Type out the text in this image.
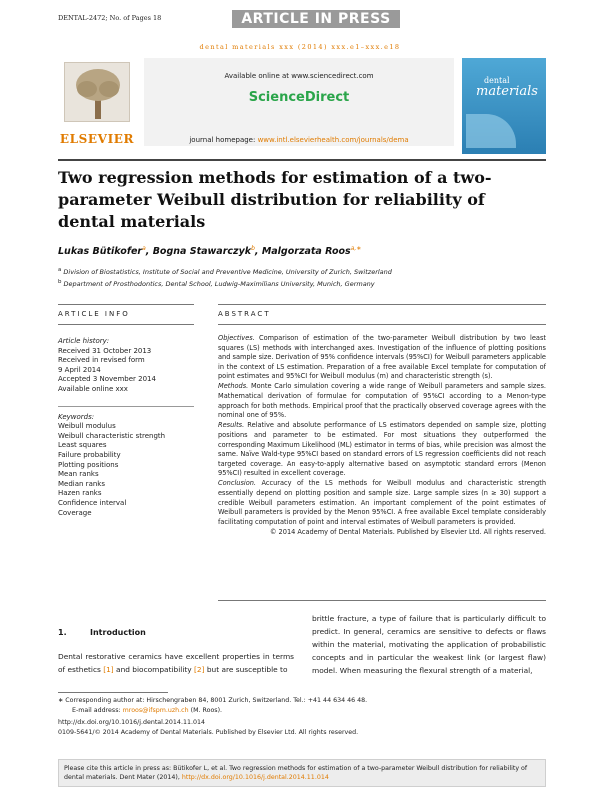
DENTAL-2472; No. of Pages 18	ARTICLE IN PRESS
dental materials xxx (2014) xxx.e1–xxx.e18
ELSEVIER
Available online at www.sciencedirect.com
ScienceDirect
journal homepage: www.intl.elsevierhealth.com/journals/dema
dental
materials
Two regression methods for estimation of a two-parameter Weibull distribution for reliability of dental materials
Lukas Bütikofer$^a$, Bogna Stawarczyk$^b$, Malgorzata Roos$^{a,∗}$
$^a$ Division of Biostatistics, Institute of Social and Preventive Medicine, University of Zurich, Switzerland
$^b$ Department of Prosthodontics, Dental School, Ludwig-Maximilians University, Munich, Germany
ARTICLE INFO	ABSTRACT
Article history:
Received 31 October 2013
Received in revised form
9 April 2014
Accepted 3 November 2014
Available online xxx
Keywords:
Weibull modulus
Weibull characteristic strength
Least squares
Failure probability
Plotting positions
Mean ranks
Median ranks
Hazen ranks
Confidence interval
Coverage

Objectives. Comparison of estimation of the two-parameter Weibull distribution by two least squares (LS) methods with interchanged axes. Investigation of the influence of plotting positions and sample size. Derivation of 95% confidence intervals (95%CI) for Weibull parameters applicable in the context of LS estimation. Preparation of a free available Excel template for computation of point estimates and 95%CI for Weibull modulus (m) and characteristic strength (s).

Methods. Monte Carlo simulation covering a wide range of Weibull parameters and sample sizes. Mathematical derivation of formulae for computation of 95%CI according to a Menon-type approach for both methods. Empirical proof that the practically observed coverage agrees with the nominal one of 95%.

Results. Relative and absolute performance of LS estimators depended on sample size, plotting positions and parameter to be estimated. For most situations they outperformed the corresponding Maximum Likelihood (ML) estimator in terms of bias, while precision was almost the same. Naïve Wald-type 95%CI based on standard errors of LS regression coefficients did not reach targeted coverage. An easy-to-apply alternative based on asymptotic standard errors (Menon 95%CI) resulted in excellent coverage.

Conclusion. Accuracy of the LS methods for Weibull modulus and characteristic strength essentially depend on plotting position and sample size. Large sample sizes (n ≥ 30) support a credible Weibull parameters estimation. An important complement of the point estimates of Weibull parameters is provided by the Menon 95%CI. A free available Excel template considerably facilitating computation of point and interval estimates of Weibull parameters is provided.

© 2014 Academy of Dental Materials. Published by Elsevier Ltd. All rights reserved.

1.	Introduction
Dental restorative ceramics have excellent properties in terms of esthetics [1] and biocompatibility [2] but are susceptible to
brittle fracture, a type of failure that is particularly difficult to predict. In general, ceramics are sensitive to defects or flaws within the material, motivating the application of probabilistic concepts and in particular the weakest link (or largest flaw) model. When measuring the flexural strength of a material,
∗ Corresponding author at: Hirschengraben 84, 8001 Zurich, Switzerland. Tel.: +41 44 634 46 48.
E-mail address: mroos@ifspm.uzh.ch (M. Roos).
http://dx.doi.org/10.1016/j.dental.2014.11.014
0109-5641/© 2014 Academy of Dental Materials. Published by Elsevier Ltd. All rights reserved.
Please cite this article in press as: Bütikofer L, et al. Two regression methods for estimation of a two-parameter Weibull distribution for reliability of dental materials. Dent Mater (2014), http://dx.doi.org/10.1016/j.dental.2014.11.014
